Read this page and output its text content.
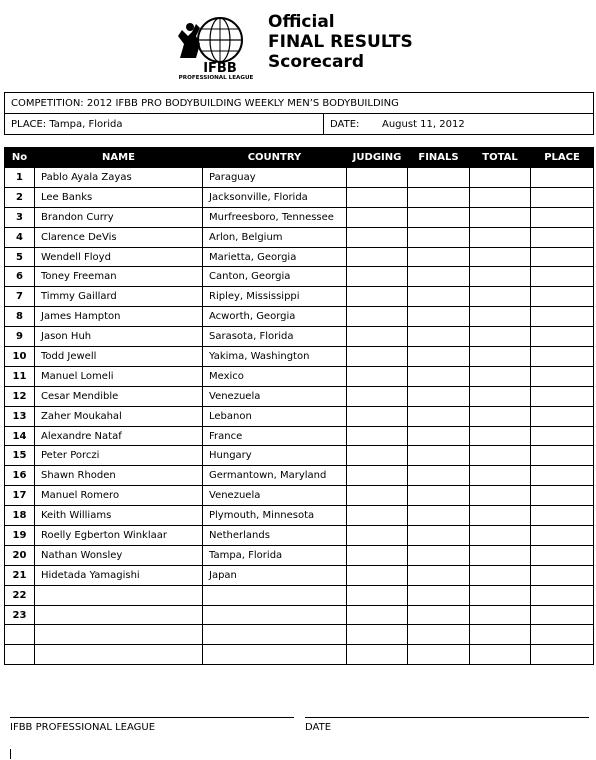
IFBB
PROFESSIONAL LEAGUE
Official
FINAL RESULTS
Scorecard
COMPETITION: 2012 IFBB PRO BODYBUILDING WEEKLY MEN’S BODYBUILDING
PLACE: Tampa, Florida	DATE:	August 11, 2012
No	NAME	COUNTRY	JUDGING	FINALS	TOTAL	PLACE
1	Pablo Ayala Zayas	Paraguay				
2	Lee Banks	Jacksonville, Florida				
3	Brandon Curry	Murfreesboro, Tennessee				
4	Clarence DeVis	Arlon, Belgium				
5	Wendell Floyd	Marietta, Georgia				
6	Toney Freeman	Canton, Georgia				
7	Timmy Gaillard	Ripley, Mississippi				
8	James Hampton	Acworth, Georgia				
9	Jason Huh	Sarasota, Florida				
10	Todd Jewell	Yakima, Washington				
11	Manuel Lomeli	Mexico				
12	Cesar Mendible	Venezuela				
13	Zaher Moukahal	Lebanon				
14	Alexandre Nataf	France				
15	Peter Porczi	Hungary				
16	Shawn Rhoden	Germantown, Maryland				
17	Manuel Romero	Venezuela				
18	Keith Williams	Plymouth, Minnesota				
19	Roelly Egberton Winklaar	Netherlands				
20	Nathan Wonsley	Tampa, Florida				
21	Hidetada Yamagishi	Japan				
22						
23						

IFBB PROFESSIONAL LEAGUE	DATE
